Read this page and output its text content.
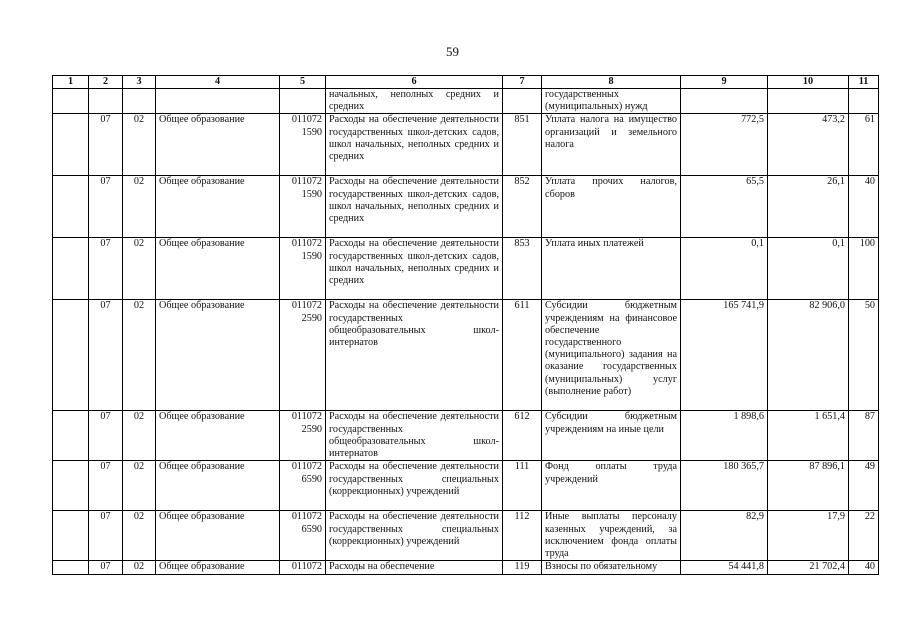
59
1	2	3	4	5	6	7	8	9	10	11
					начальных, неполных средних и средних		государственных (муниципальных) нужд			
	07	02	Общее образование	011072 1590	Расходы на обеспечение деятельности государственных школ-детских садов, школ начальных, неполных средних и средних	851	Уплата налога на имущество организаций и земельного налога	772,5	473,2	61
	07	02	Общее образование	011072 1590	Расходы на обеспечение деятельности государственных школ-детских садов, школ начальных, неполных средних и средних	852	Уплата прочих налогов, сборов	65,5	26,1	40
	07	02	Общее образование	011072 1590	Расходы на обеспечение деятельности государственных школ-детских садов, школ начальных, неполных средних и средних	853	Уплата иных платежей	0,1	0,1	100
	07	02	Общее образование	011072 2590	Расходы на обеспечение деятельности государственных общеобразовательных школ-интернатов	611	Субсидии бюджетным учреждениям на финансовое обеспечение государственного (муниципального) задания на оказание государственных (муниципальных) услуг (выполнение работ)	165 741,9	82 906,0	50
	07	02	Общее образование	011072 2590	Расходы на обеспечение деятельности государственных общеобразовательных школ-интернатов	612	Субсидии бюджетным учреждениям на иные цели	1 898,6	1 651,4	87
	07	02	Общее образование	011072 6590	Расходы на обеспечение деятельности государственных специальных (коррекционных) учреждений	111	Фонд оплаты труда учреждений	180 365,7	87 896,1	49
	07	02	Общее образование	011072 6590	Расходы на обеспечение деятельности государственных специальных (коррекционных) учреждений	112	Иные выплаты персоналу казенных учреждений, за исключением фонда оплаты труда	82,9	17,9	22
	07	02	Общее образование	011072	Расходы на обеспечение	119	Взносы по обязательному	54 441,8	21 702,4	40
